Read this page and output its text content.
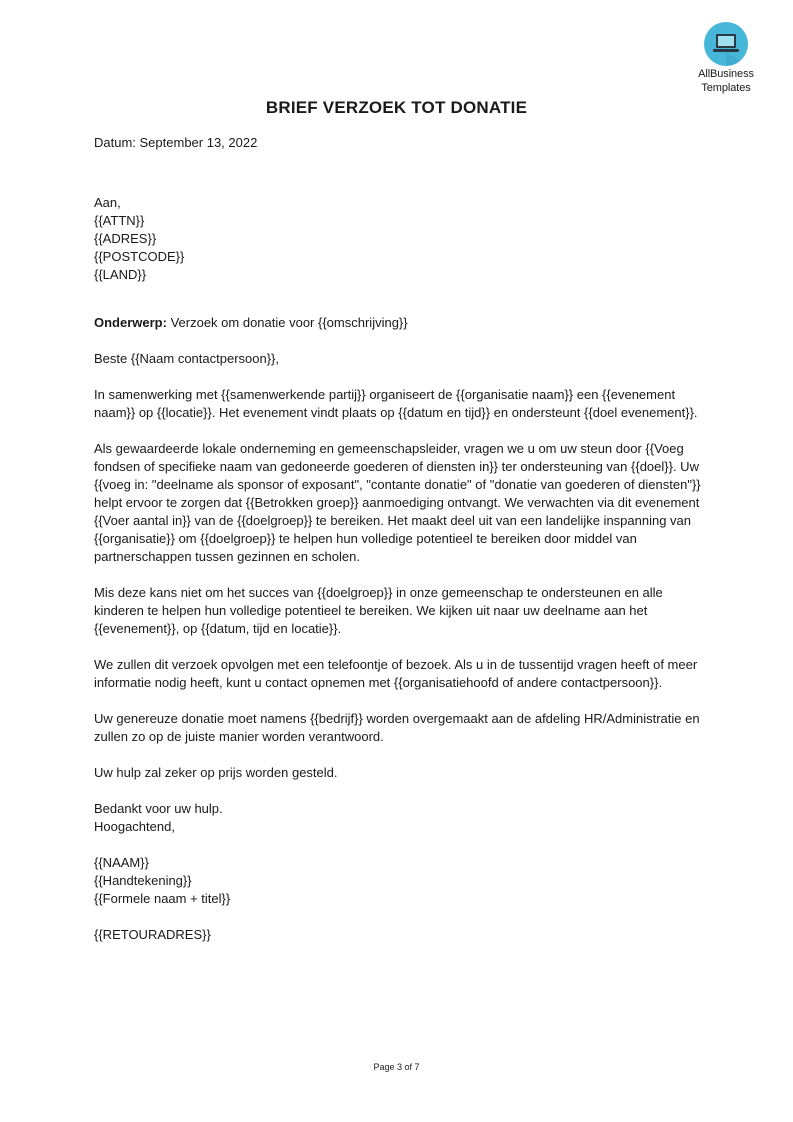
AllBusiness
Templates
BRIEF VERZOEK TOT DONATIE

Datum: September 13, 2022

Aan,

{{ATTN}}

{{ADRES}}

{{POSTCODE}}

{{LAND}}

Onderwerp: Verzoek om donatie voor {{omschrijving}}

Beste {{Naam contactpersoon}},

In samenwerking met {{samenwerkende partij}} organiseert de {{organisatie naam}} een {{evenement naam}} op {{locatie}}. Het evenement vindt plaats op {{datum en tijd}} en ondersteunt {{doel evenement}}.

Als gewaardeerde lokale onderneming en gemeenschapsleider, vragen we u om uw steun door {{Voeg fondsen of specifieke naam van gedoneerde goederen of diensten in}} ter ondersteuning van {{doel}}. Uw {{voeg in: "deelname als sponsor of exposant", "contante donatie" of "donatie van goederen of diensten"}} helpt ervoor te zorgen dat {{Betrokken groep}} aanmoediging ontvangt. We verwachten via dit evenement {{Voer aantal in}} van de {{doelgroep}} te bereiken. Het maakt deel uit van een landelijke inspanning van {{organisatie}} om {{doelgroep}} te helpen hun volledige potentieel te bereiken door middel van partnerschappen tussen gezinnen en scholen.

Mis deze kans niet om het succes van {{doelgroep}} in onze gemeenschap te ondersteunen en alle kinderen te helpen hun volledige potentieel te bereiken. We kijken uit naar uw deelname aan het {{evenement}}, op {{datum, tijd en locatie}}.

We zullen dit verzoek opvolgen met een telefoontje of bezoek. Als u in de tussentijd vragen heeft of meer informatie nodig heeft, kunt u contact opnemen met {{organisatiehoofd of andere contactpersoon}}.

Uw genereuze donatie moet namens {{bedrijf}} worden overgemaakt aan de afdeling HR/Administratie en zullen zo op de juiste manier worden verantwoord.

Uw hulp zal zeker op prijs worden gesteld.

Bedankt voor uw hulp.

Hoogachtend,

{{NAAM}}

{{Handtekening}}

{{Formele naam + titel}}

{{RETOURADRES}}

Page 3 of 7
